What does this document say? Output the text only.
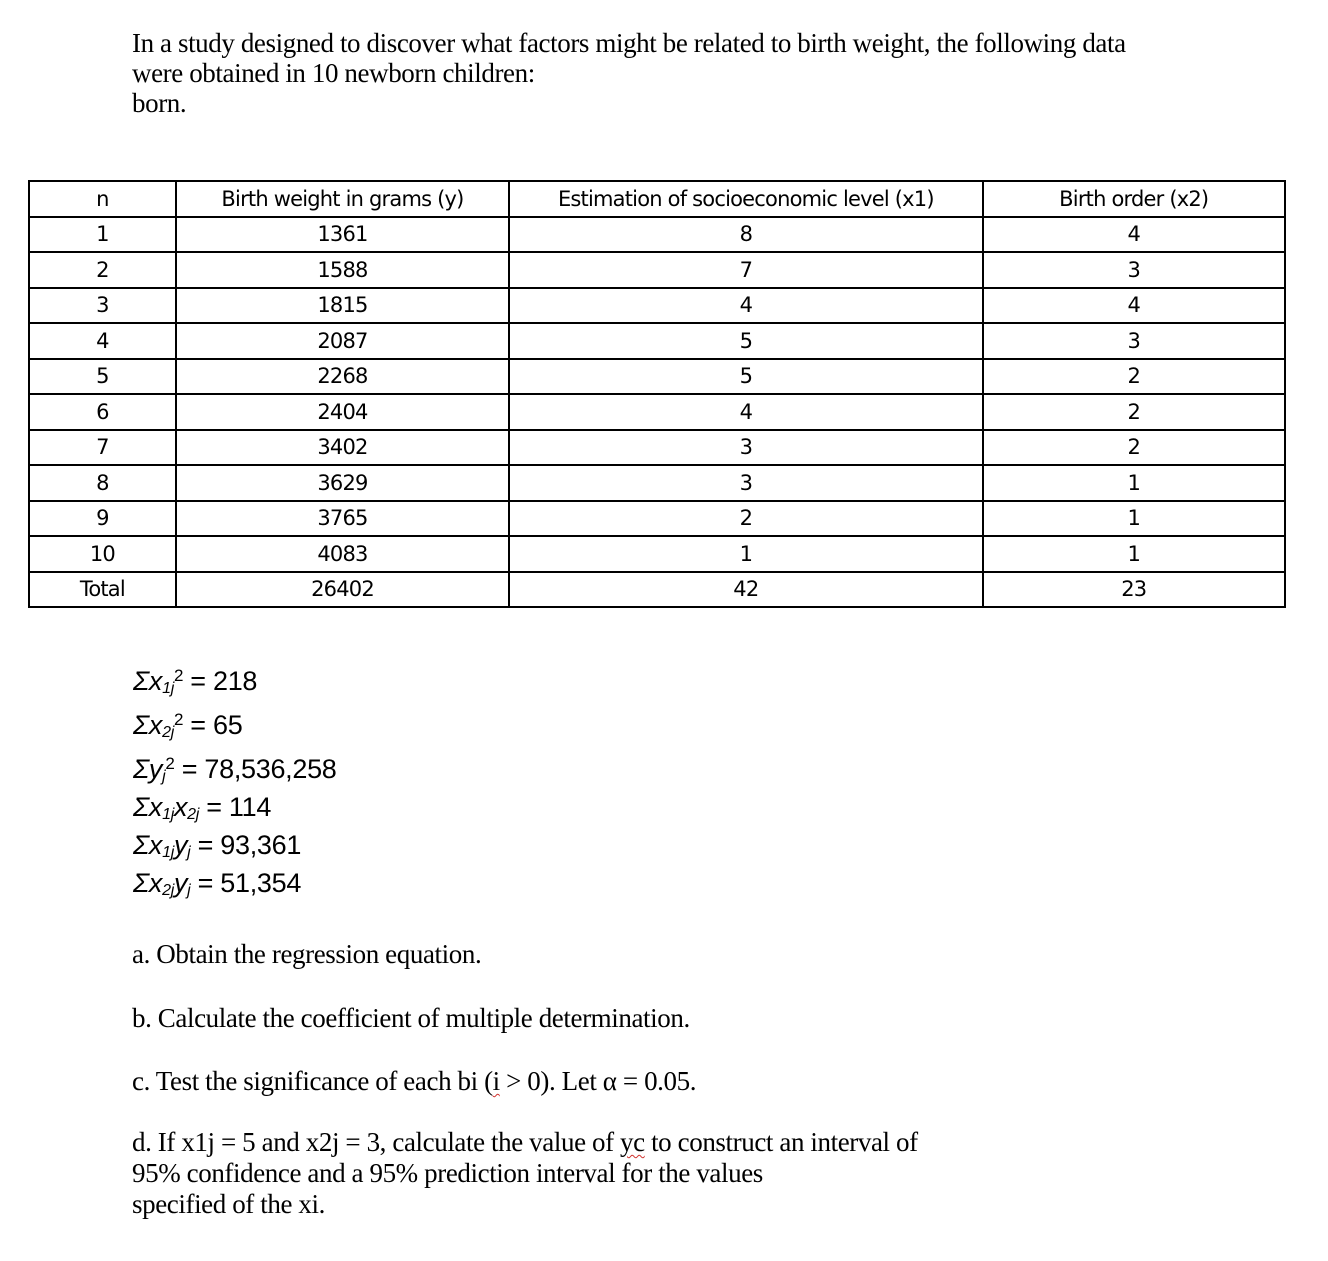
In a study designed to discover what factors might be related to birth weight, the following data
were obtained in 10 newborn children:
born.
n	Birth weight in grams (y)	Estimation of socioeconomic level (x1)	Birth order (x2)
1	1361	8	4
2	1588	7	3
3	1815	4	4
4	2087	5	3
5	2268	5	2
6	2404	4	2
7	3402	3	2
8	3629	3	1
9	3765	2	1
10	4083	1	1
Total	26402	42	23
$\Sigma x_{1j}^2 = 218$
$\Sigma x_{2j}^2 = 65$
$\Sigma y_j^2 = 78,536,258$
$\Sigma x_{1j}x_{2j} = 114$
$\Sigma x_{1j}y_j = 93,361$
$\Sigma x_{2j}y_j = 51,354$
a. Obtain the regression equation.
b. Calculate the coefficient of multiple determination.
c. Test the significance of each bi (i > 0). Let α = 0.05.
d. If x1j = 5 and x2j = 3, calculate the value of yc to construct an interval of
95% confidence and a 95% prediction interval for the values
specified of the xi.
